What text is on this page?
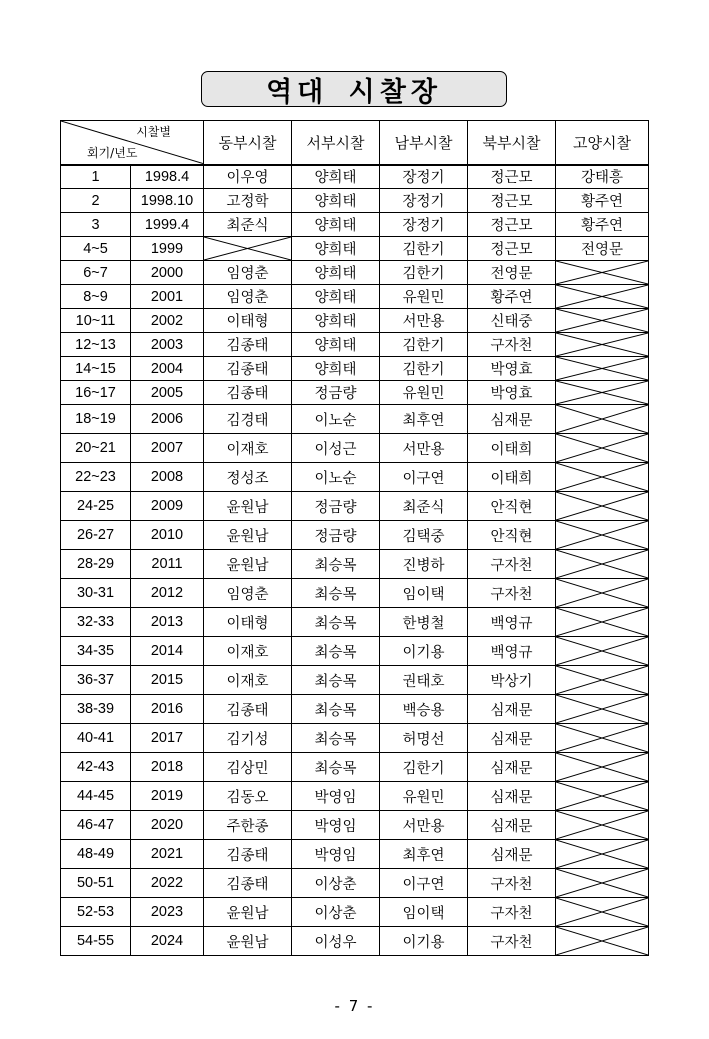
역대 시찰장
시찰별
회기/년도		동부시찰	서부시찰	남부시찰	북부시찰	고양시찰
1	1998.4	이우영	양희태	장정기	정근모	강태흥
2	1998.10	고정학	양희태	장정기	정근모	황주연
3	1999.4	최준식	양희태	장정기	정근모	황주연
4~5	1999		양희태	김한기	정근모	전영문
6~7	2000	임영춘	양희태	김한기	전영문	

8~9	2001	임영춘	양희태	유원민	황주연	

10~11	2002	이태형	양희태	서만용	신태중	

12~13	2003	김종태	양희태	김한기	구자천	

14~15	2004	김종태	양희태	김한기	박영효	

16~17	2005	김종태	정금량	유원민	박영효	

18~19	2006	김경태	이노순	최후연	심재문	

20~21	2007	이재호	이성근	서만용	이태희	

22~23	2008	정성조	이노순	이구연	이태희	

24-25	2009	윤원남	정금량	최준식	안직현	

26-27	2010	윤원남	정금량	김택중	안직현	

28-29	2011	윤원남	최승목	진병하	구자천	

30-31	2012	임영춘	최승목	임이택	구자천	

32-33	2013	이태형	최승목	한병철	백영규	

34-35	2014	이재호	최승목	이기용	백영규	

36-37	2015	이재호	최승목	권태호	박상기	

38-39	2016	김종태	최승목	백승용	심재문	

40-41	2017	김기성	최승목	허명선	심재문	

42-43	2018	김상민	최승목	김한기	심재문	

44-45	2019	김동오	박영임	유원민	심재문	

46-47	2020	주한종	박영임	서만용	심재문	

48-49	2021	김종태	박영임	최후연	심재문	

50-51	2022	김종태	이상춘	이구연	구자천	

52-53	2023	윤원남	이상춘	임이택	구자천	

54-55	2024	윤원남	이성우	이기용	구자천	
- 7 -
